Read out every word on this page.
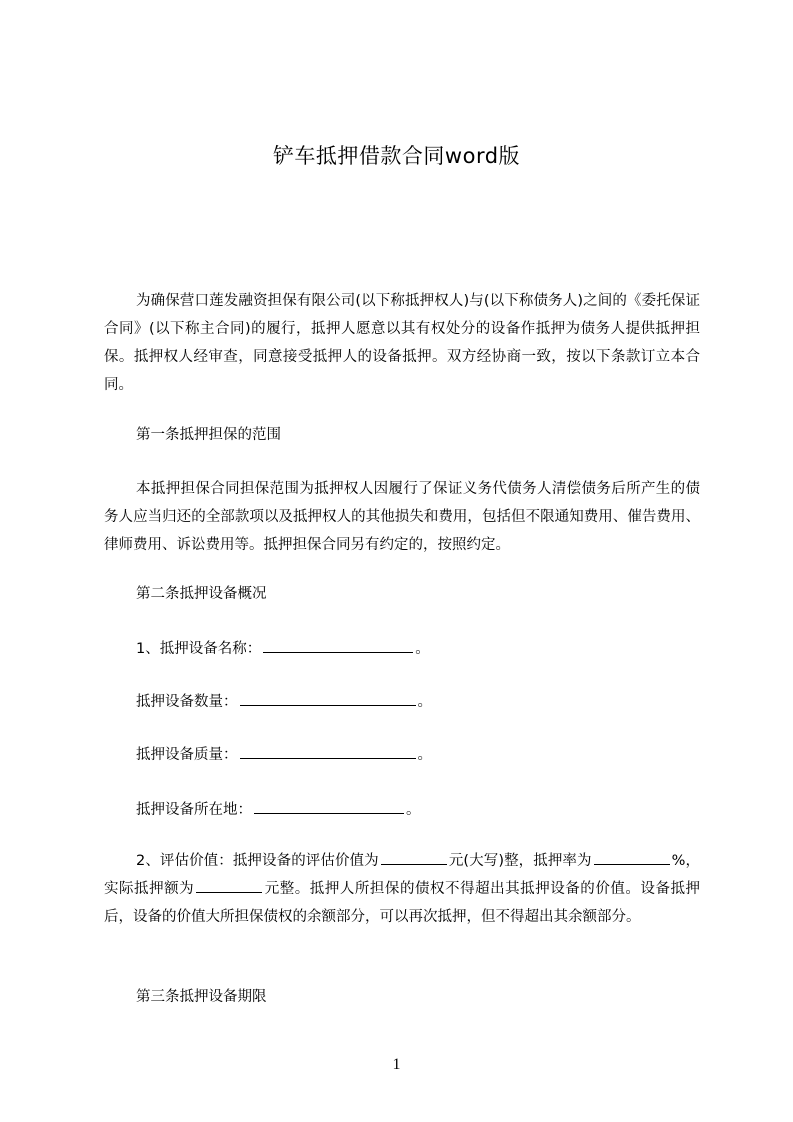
铲车抵押借款合同word版
为确保营口莲发融资担保有限公司(以下称抵押权人)与(以下称债务人)之间的《委托保证合同》(以下称主合同)的履行，抵押人愿意以其有权处分的设备作抵押为债务人提供抵押担保。抵押权人经审查，同意接受抵押人的设备抵押。双方经协商一致，按以下条款订立本合同。
第一条抵押担保的范围
本抵押担保合同担保范围为抵押权人因履行了保证义务代债务人清偿债务后所产生的债务人应当归还的全部款项以及抵押权人的其他损失和费用，包括但不限通知费用、催告费用、律师费用、诉讼费用等。抵押担保合同另有约定的，按照约定。
第二条抵押设备概况
1、抵押设备名称：	。
抵押设备数量：	。
抵押设备质量：	。
抵押设备所在地：	。
2、评估价值：抵押设备的评估价值为	元(大写)整，抵押率为	%，实际抵押额为	元整。抵押人所担保的债权不得超出其抵押设备的价值。设备抵押后，设备的价值大所担保债权的余额部分，可以再次抵押，但不得超出其余额部分。
第三条抵押设备期限
1
